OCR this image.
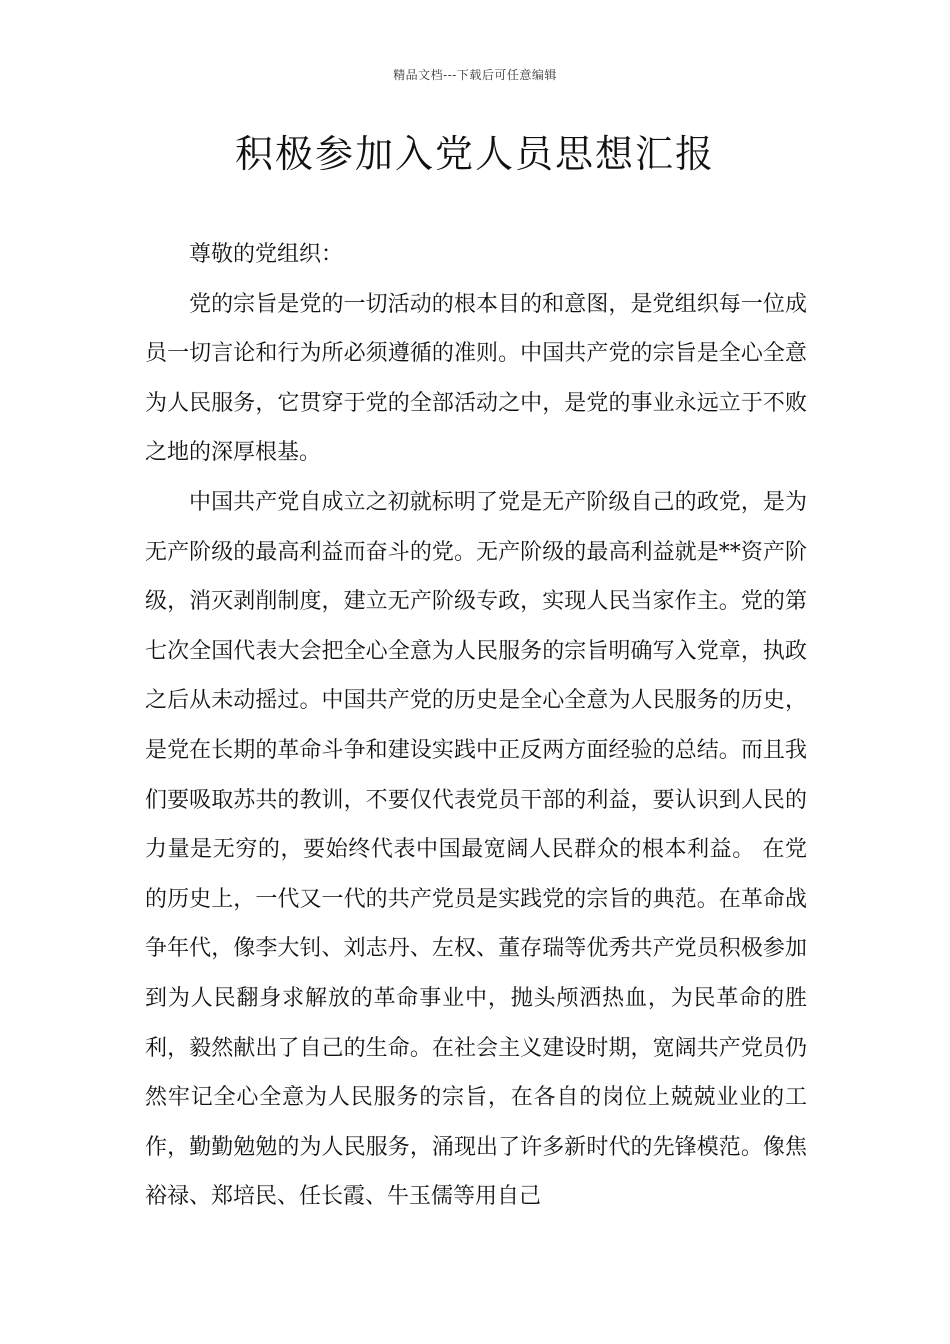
精品文档---下载后可任意编辑
积极参加入党人员思想汇报

尊敬的党组织：

党的宗旨是党的一切活动的根本目的和意图，是党组织每一位成员一切言论和行为所必须遵循的准则。中国共产党的宗旨是全心全意为人民服务，它贯穿于党的全部活动之中，是党的事业永远立于不败之地的深厚根基。

中国共产党自成立之初就标明了党是无产阶级自己的政党，是为无产阶级的最高利益而奋斗的党。无产阶级的最高利益就是**资产阶级，消灭剥削制度，建立无产阶级专政，实现人民当家作主。党的第七次全国代表大会把全心全意为人民服务的宗旨明确写入党章，执政之后从未动摇过。中国共产党的历史是全心全意为人民服务的历史，是党在长期的革命斗争和建设实践中正反两方面经验的总结。而且我们要吸取苏共的教训，不要仅代表党员干部的利益，要认识到人民的力量是无穷的，要始终代表中国最宽阔人民群众的根本利益。 在党的历史上，一代又一代的共产党员是实践党的宗旨的典范。在革命战争年代，像李大钊、刘志丹、左权、董存瑞等优秀共产党员积极参加到为人民翻身求解放的革命事业中，抛头颅洒热血，为民革命的胜利，毅然献出了自己的生命。在社会主义建设时期，宽阔共产党员仍然牢记全心全意为人民服务的宗旨，在各自的岗位上兢兢业业的工作，勤勤勉勉的为人民服务，涌现出了许多新时代的先锋模范。像焦裕禄、郑培民、任长霞、牛玉儒等用自己
